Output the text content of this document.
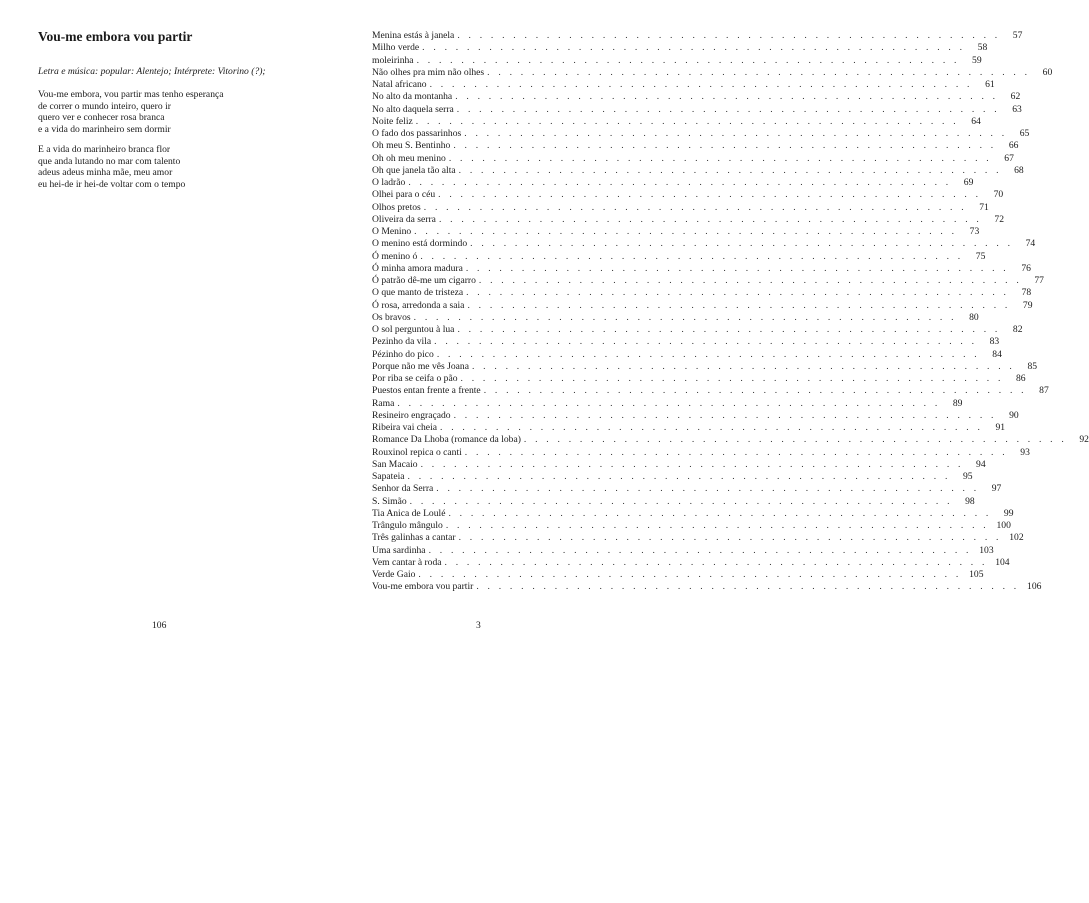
Vou-me embora vou partir

Letra e música: popular: Alentejo; Intérprete: Vitorino (?);

Vou-me embora, vou partir mas tenho esperança
de correr o mundo inteiro, quero ir
quero ver e conhecer rosa branca
e a vida do marinheiro sem dormir
E a vida do marinheiro branca flor
que anda lutando no mar com talento
adeus adeus minha mãe, meu amor
eu hei-de ir hei-de voltar com o tempo
106
Menina estás à janela . . . . . . . . . . . . . . . . . . . . . . . . . . . . . . . . . . . . . . . . . . . . . . . . .	57
Milho verde . . . . . . . . . . . . . . . . . . . . . . . . . . . . . . . . . . . . . . . . . . . . . . . . .	58
moleirinha . . . . . . . . . . . . . . . . . . . . . . . . . . . . . . . . . . . . . . . . . . . . . . . . .	59
Não olhes pra mim não olhes . . . . . . . . . . . . . . . . . . . . . . . . . . . . . . . . . . . . . . . . . . . . . . . . .	60
Natal africano . . . . . . . . . . . . . . . . . . . . . . . . . . . . . . . . . . . . . . . . . . . . . . . . .	61
No alto da montanha . . . . . . . . . . . . . . . . . . . . . . . . . . . . . . . . . . . . . . . . . . . . . . . . .	62
No alto daquela serra . . . . . . . . . . . . . . . . . . . . . . . . . . . . . . . . . . . . . . . . . . . . . . . . .	63
Noite feliz . . . . . . . . . . . . . . . . . . . . . . . . . . . . . . . . . . . . . . . . . . . . . . . . .	64
O fado dos passarinhos . . . . . . . . . . . . . . . . . . . . . . . . . . . . . . . . . . . . . . . . . . . . . . . . .	65
Oh meu S. Bentinho . . . . . . . . . . . . . . . . . . . . . . . . . . . . . . . . . . . . . . . . . . . . . . . . .	66
Oh oh meu menino . . . . . . . . . . . . . . . . . . . . . . . . . . . . . . . . . . . . . . . . . . . . . . . . .	67
Oh que janela tão alta . . . . . . . . . . . . . . . . . . . . . . . . . . . . . . . . . . . . . . . . . . . . . . . . .	68
O ladrão . . . . . . . . . . . . . . . . . . . . . . . . . . . . . . . . . . . . . . . . . . . . . . . . .	69
Olhei para o céu . . . . . . . . . . . . . . . . . . . . . . . . . . . . . . . . . . . . . . . . . . . . . . . . .	70
Olhos pretos . . . . . . . . . . . . . . . . . . . . . . . . . . . . . . . . . . . . . . . . . . . . . . . . .	71
Oliveira da serra . . . . . . . . . . . . . . . . . . . . . . . . . . . . . . . . . . . . . . . . . . . . . . . . .	72
O Menino . . . . . . . . . . . . . . . . . . . . . . . . . . . . . . . . . . . . . . . . . . . . . . . . .	73
O menino está dormindo . . . . . . . . . . . . . . . . . . . . . . . . . . . . . . . . . . . . . . . . . . . . . . . . .	74
Ó menino ó . . . . . . . . . . . . . . . . . . . . . . . . . . . . . . . . . . . . . . . . . . . . . . . . .	75
Ó minha amora madura . . . . . . . . . . . . . . . . . . . . . . . . . . . . . . . . . . . . . . . . . . . . . . . . .	76
Ó patrão dê-me um cigarro . . . . . . . . . . . . . . . . . . . . . . . . . . . . . . . . . . . . . . . . . . . . . . . . .	77
O que manto de tristeza . . . . . . . . . . . . . . . . . . . . . . . . . . . . . . . . . . . . . . . . . . . . . . . . .	78
Ó rosa, arredonda a saia . . . . . . . . . . . . . . . . . . . . . . . . . . . . . . . . . . . . . . . . . . . . . . . . .	79
Os bravos . . . . . . . . . . . . . . . . . . . . . . . . . . . . . . . . . . . . . . . . . . . . . . . . .	80
O sol perguntou à lua . . . . . . . . . . . . . . . . . . . . . . . . . . . . . . . . . . . . . . . . . . . . . . . . .	82
Pezinho da vila . . . . . . . . . . . . . . . . . . . . . . . . . . . . . . . . . . . . . . . . . . . . . . . . .	83
Pézinho do pico . . . . . . . . . . . . . . . . . . . . . . . . . . . . . . . . . . . . . . . . . . . . . . . . .	84
Porque não me vês Joana . . . . . . . . . . . . . . . . . . . . . . . . . . . . . . . . . . . . . . . . . . . . . . . . .	85
Por riba se ceifa o pão . . . . . . . . . . . . . . . . . . . . . . . . . . . . . . . . . . . . . . . . . . . . . . . . .	86
Puestos entan frente a frente . . . . . . . . . . . . . . . . . . . . . . . . . . . . . . . . . . . . . . . . . . . . . . . . .	87
Rama . . . . . . . . . . . . . . . . . . . . . . . . . . . . . . . . . . . . . . . . . . . . . . . . .	89
Resineiro engraçado . . . . . . . . . . . . . . . . . . . . . . . . . . . . . . . . . . . . . . . . . . . . . . . . .	90
Ribeira vai cheia . . . . . . . . . . . . . . . . . . . . . . . . . . . . . . . . . . . . . . . . . . . . . . . . .	91
Romance Da Lhoba (romance da loba) . . . . . . . . . . . . . . . . . . . . . . . . . . . . . . . . . . . . . . . . . . . . . . . . .	92
Rouxinol repica o canti . . . . . . . . . . . . . . . . . . . . . . . . . . . . . . . . . . . . . . . . . . . . . . . . .	93
San Macaio . . . . . . . . . . . . . . . . . . . . . . . . . . . . . . . . . . . . . . . . . . . . . . . . .	94
Sapateia . . . . . . . . . . . . . . . . . . . . . . . . . . . . . . . . . . . . . . . . . . . . . . . . .	95
Senhor da Serra . . . . . . . . . . . . . . . . . . . . . . . . . . . . . . . . . . . . . . . . . . . . . . . . .	97
S. Simão . . . . . . . . . . . . . . . . . . . . . . . . . . . . . . . . . . . . . . . . . . . . . . . . .	98
Tia Anica de Loulé . . . . . . . . . . . . . . . . . . . . . . . . . . . . . . . . . . . . . . . . . . . . . . . . .	99
Trângulo mângulo . . . . . . . . . . . . . . . . . . . . . . . . . . . . . . . . . . . . . . . . . . . . . . . . . 100
Três galinhas a cantar . . . . . . . . . . . . . . . . . . . . . . . . . . . . . . . . . . . . . . . . . . . . . . . . . 102
Uma sardinha . . . . . . . . . . . . . . . . . . . . . . . . . . . . . . . . . . . . . . . . . . . . . . . . . 103
Vem cantar à roda . . . . . . . . . . . . . . . . . . . . . . . . . . . . . . . . . . . . . . . . . . . . . . . . . 104
Verde Gaio . . . . . . . . . . . . . . . . . . . . . . . . . . . . . . . . . . . . . . . . . . . . . . . . . 105
Vou-me embora vou partir . . . . . . . . . . . . . . . . . . . . . . . . . . . . . . . . . . . . . . . . . . . . . . . . . 106
3
